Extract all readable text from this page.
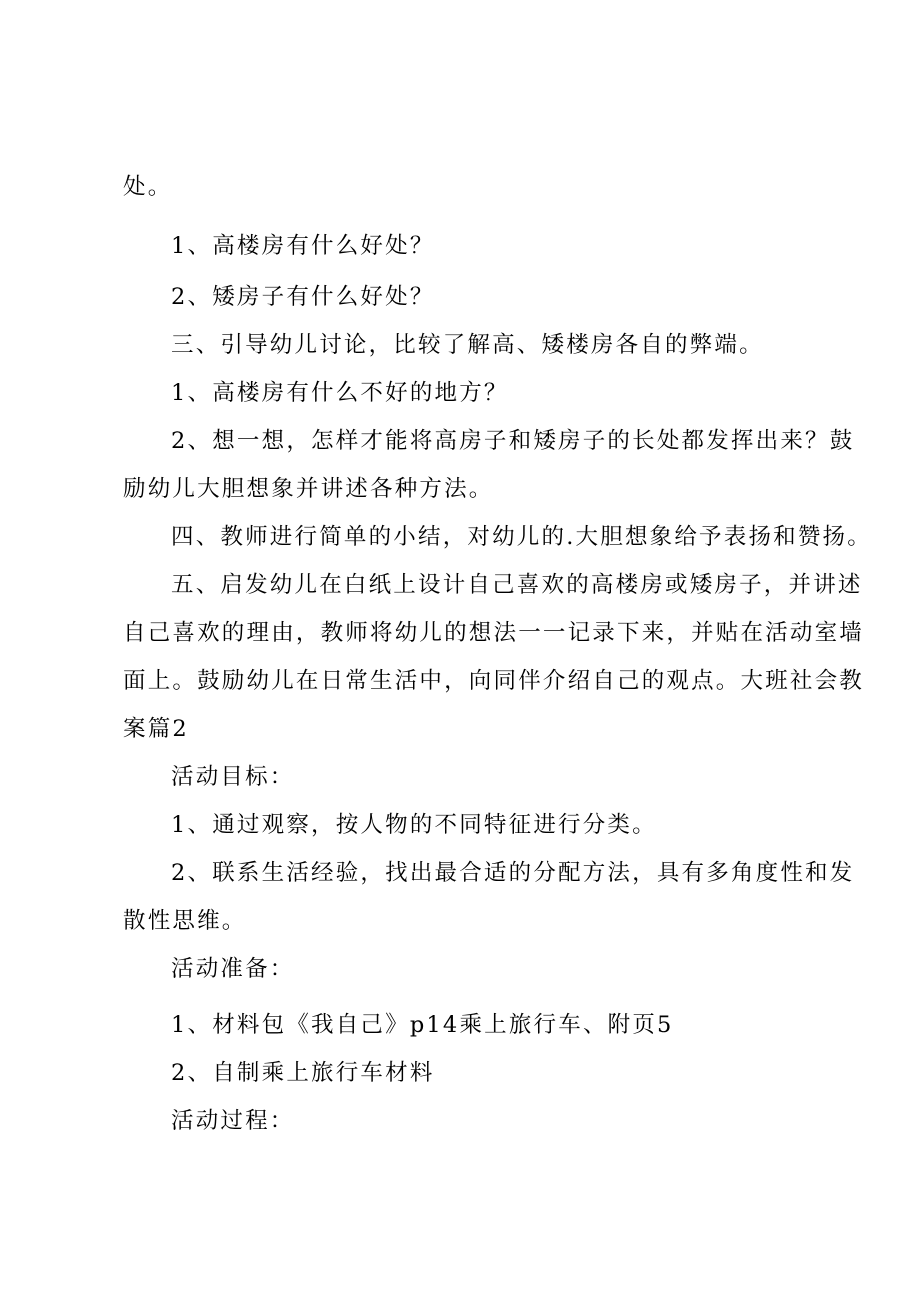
处。
1、高楼房有什么好处？
2、矮房子有什么好处？
三、引导幼儿讨论，比较了解高、矮楼房各自的弊端。
1、高楼房有什么不好的地方？
2、想一想，怎样才能将高房子和矮房子的长处都发挥出来？鼓
励幼儿大胆想象并讲述各种方法。
四、教师进行简单的小结，对幼儿的.大胆想象给予表扬和赞扬。
五、启发幼儿在白纸上设计自己喜欢的高楼房或矮房子，并讲述
自己喜欢的理由，教师将幼儿的想法一一记录下来，并贴在活动室墙
面上。鼓励幼儿在日常生活中，向同伴介绍自己的观点。大班社会教
案篇2
活动目标：
1、通过观察，按人物的不同特征进行分类。
2、联系生活经验，找出最合适的分配方法，具有多角度性和发
散性思维。
活动准备：
1、材料包《我自己》p14乘上旅行车、附页5
2、自制乘上旅行车材料
活动过程：
